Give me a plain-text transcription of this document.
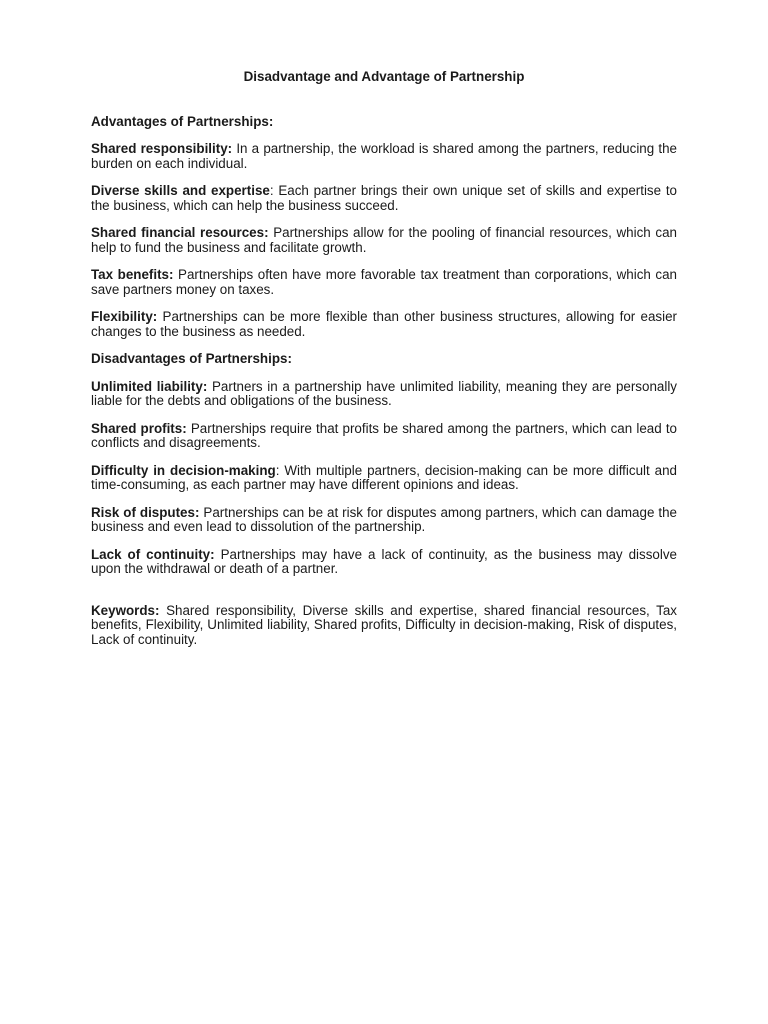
Disadvantage and Advantage of Partnership
Advantages of Partnerships:

Shared responsibility: In a partnership, the workload is shared among the partners, reducing the burden on each individual.

Diverse skills and expertise: Each partner brings their own unique set of skills and expertise to the business, which can help the business succeed.

Shared financial resources: Partnerships allow for the pooling of financial resources, which can help to fund the business and facilitate growth.

Tax benefits: Partnerships often have more favorable tax treatment than corporations, which can save partners money on taxes.

Flexibility: Partnerships can be more flexible than other business structures, allowing for easier changes to the business as needed.

Disadvantages of Partnerships:

Unlimited liability: Partners in a partnership have unlimited liability, meaning they are personally liable for the debts and obligations of the business.

Shared profits: Partnerships require that profits be shared among the partners, which can lead to conflicts and disagreements.

Difficulty in decision-making: With multiple partners, decision-making can be more difficult and time-consuming, as each partner may have different opinions and ideas.

Risk of disputes: Partnerships can be at risk for disputes among partners, which can damage the business and even lead to dissolution of the partnership.

Lack of continuity: Partnerships may have a lack of continuity, as the business may dissolve upon the withdrawal or death of a partner.

Keywords: Shared responsibility, Diverse skills and expertise, shared financial resources, Tax benefits, Flexibility, Unlimited liability, Shared profits, Difficulty in decision-making, Risk of disputes, Lack of continuity.
